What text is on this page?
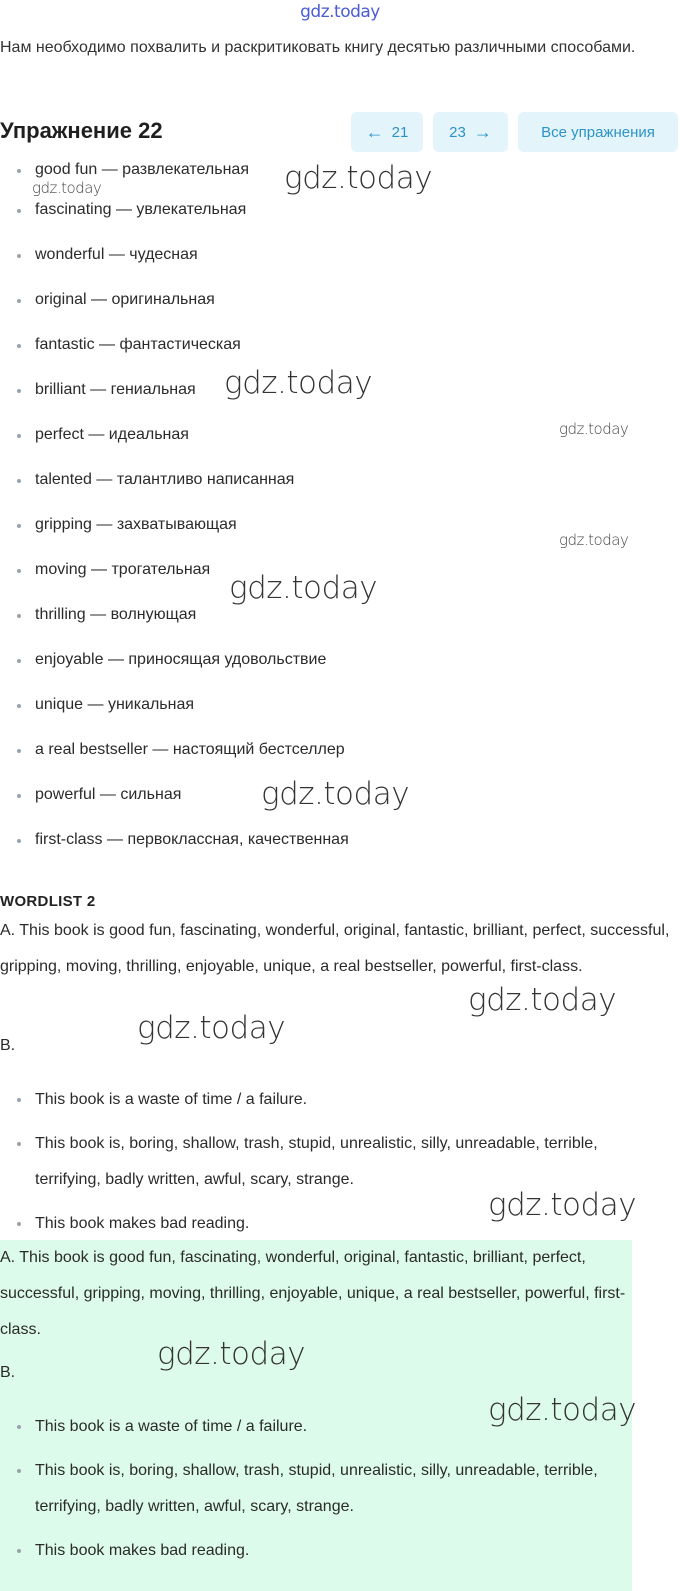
gdz.today

Нам необходимо похвалить и раскритиковать книгу десятью различными способами.

Упражнение 22	← 21	23 →	Все упражнения
good fun — развлекательная
fascinating — увлекательная
wonderful — чудесная
original — оригинальная
fantastic — фантастическая
brilliant — гениальная
perfect — идеальная
talented — талантливо написанная
gripping — захватывающая
moving — трогательная
thrilling — волнующая
enjoyable — приносящая удовольствие
unique — уникальная
a real bestseller — настоящий бестселлер
powerful — сильная
first-class — первоклассная, качественная
WORDLIST 2

A. This book is good fun, fascinating, wonderful, original, fantastic, brilliant, perfect, successful, gripping, moving, thrilling, enjoyable, unique, a real bestseller, powerful, first-class.

B.

This book is a waste of time / a failure.
This book is, boring, shallow, trash, stupid, unrealistic, silly, unreadable, terrible, terrifying, badly written, awful, scary, strange.
This book makes bad reading.

A. This book is good fun, fascinating, wonderful, original, fantastic, brilliant, perfect, successful, gripping, moving, thrilling, enjoyable, unique, a real bestseller, powerful, first-class.

B.

This book is a waste of time / a failure.
This book is, boring, shallow, trash, stupid, unrealistic, silly, unreadable, terrible, terrifying, badly written, awful, scary, strange.
This book makes bad reading.
gdz.today
gdz.today
gdz.today
gdz.today
gdz.today
gdz.today
gdz.today
gdz.today
gdz.today
gdz.today
gdz.today
gdz.today
